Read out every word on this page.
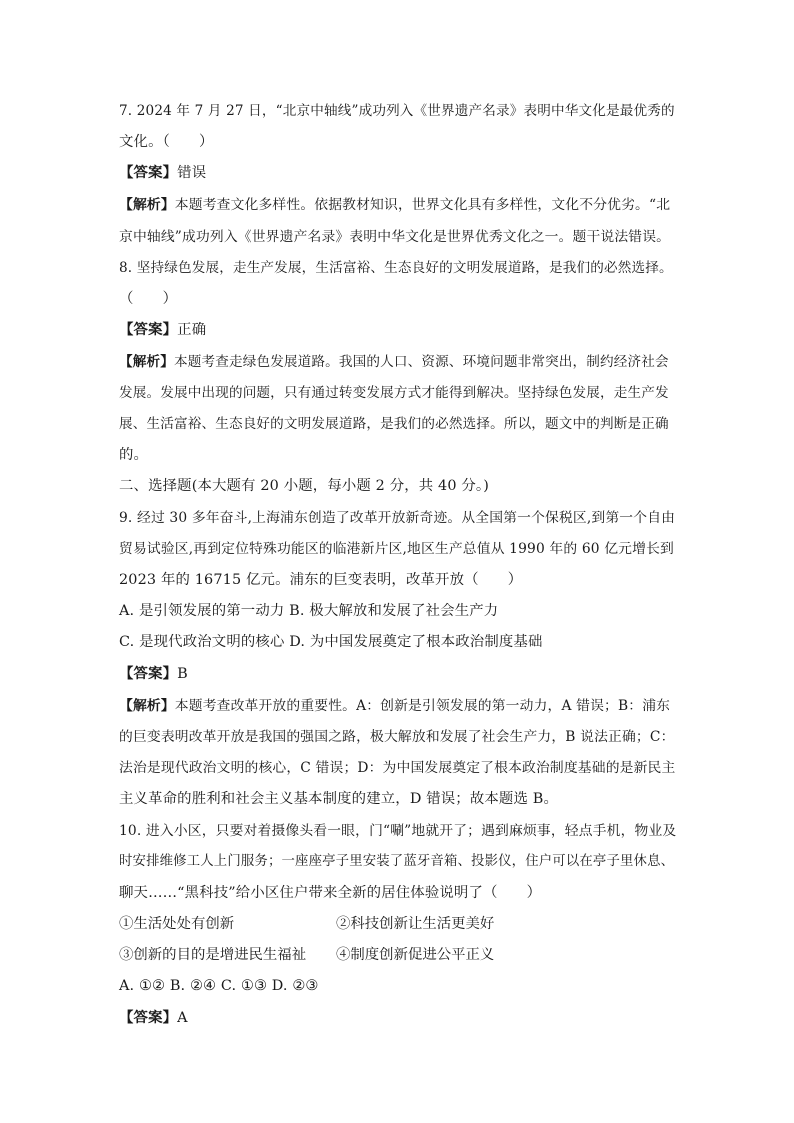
7. 2024 年 7 月 27 日，“北京中轴线”成功列入《世界遗产名录》表明中华文化是最优秀的
文化。（　　）
【答案】错误
【解析】本题考查文化多样性。依据教材知识，世界文化具有多样性，文化不分优劣。“北
京中轴线”成功列入《世界遗产名录》表明中华文化是世界优秀文化之一。题干说法错误。
8. 坚持绿色发展，走生产发展，生活富裕、生态良好的文明发展道路，是我们的必然选择。
（　　）
【答案】正确
【解析】本题考查走绿色发展道路。我国的人口、资源、环境问题非常突出，制约经济社会
发展。发展中出现的问题，只有通过转变发展方式才能得到解决。坚持绿色发展，走生产发
展、生活富裕、生态良好的文明发展道路，是我们的必然选择。所以，题文中的判断是正确
的。
二、选择题(本大题有 20 小题，每小题 2 分，共 40 分。)
9. 经过 30 多年奋斗,上海浦东创造了改革开放新奇迹。从全国第一个保税区,到第一个自由
贸易试验区,再到定位特殊功能区的临港新片区,地区生产总值从 1990 年的 60 亿元增长到
2023 年的 16715 亿元。浦东的巨变表明，改革开放（　　）
A. 是引领发展的第一动力 B. 极大解放和发展了社会生产力
C. 是现代政治文明的核心 D. 为中国发展奠定了根本政治制度基础
【答案】B
【解析】本题考查改革开放的重要性。A：创新是引领发展的第一动力，A 错误；B：浦东
的巨变表明改革开放是我国的强国之路，极大解放和发展了社会生产力，B 说法正确；C：
法治是现代政治文明的核心，C 错误；D：为中国发展奠定了根本政治制度基础的是新民主
主义革命的胜利和社会主义基本制度的建立，D 错误；故本题选 B。
10. 进入小区，只要对着摄像头看一眼，门“唰”地就开了；遇到麻烦事，轻点手机，物业及
时安排维修工人上门服务；一座座亭子里安装了蓝牙音箱、投影仪，住户可以在亭子里休息、
聊天……“黑科技”给小区住户带来全新的居住体验说明了（　　）
①生活处处有创新	②科技创新让生活更美好
③创新的目的是增进民生福祉 ④制度创新促进公平正义
A. ①② B. ②④ C. ①③ D. ②③
【答案】A
